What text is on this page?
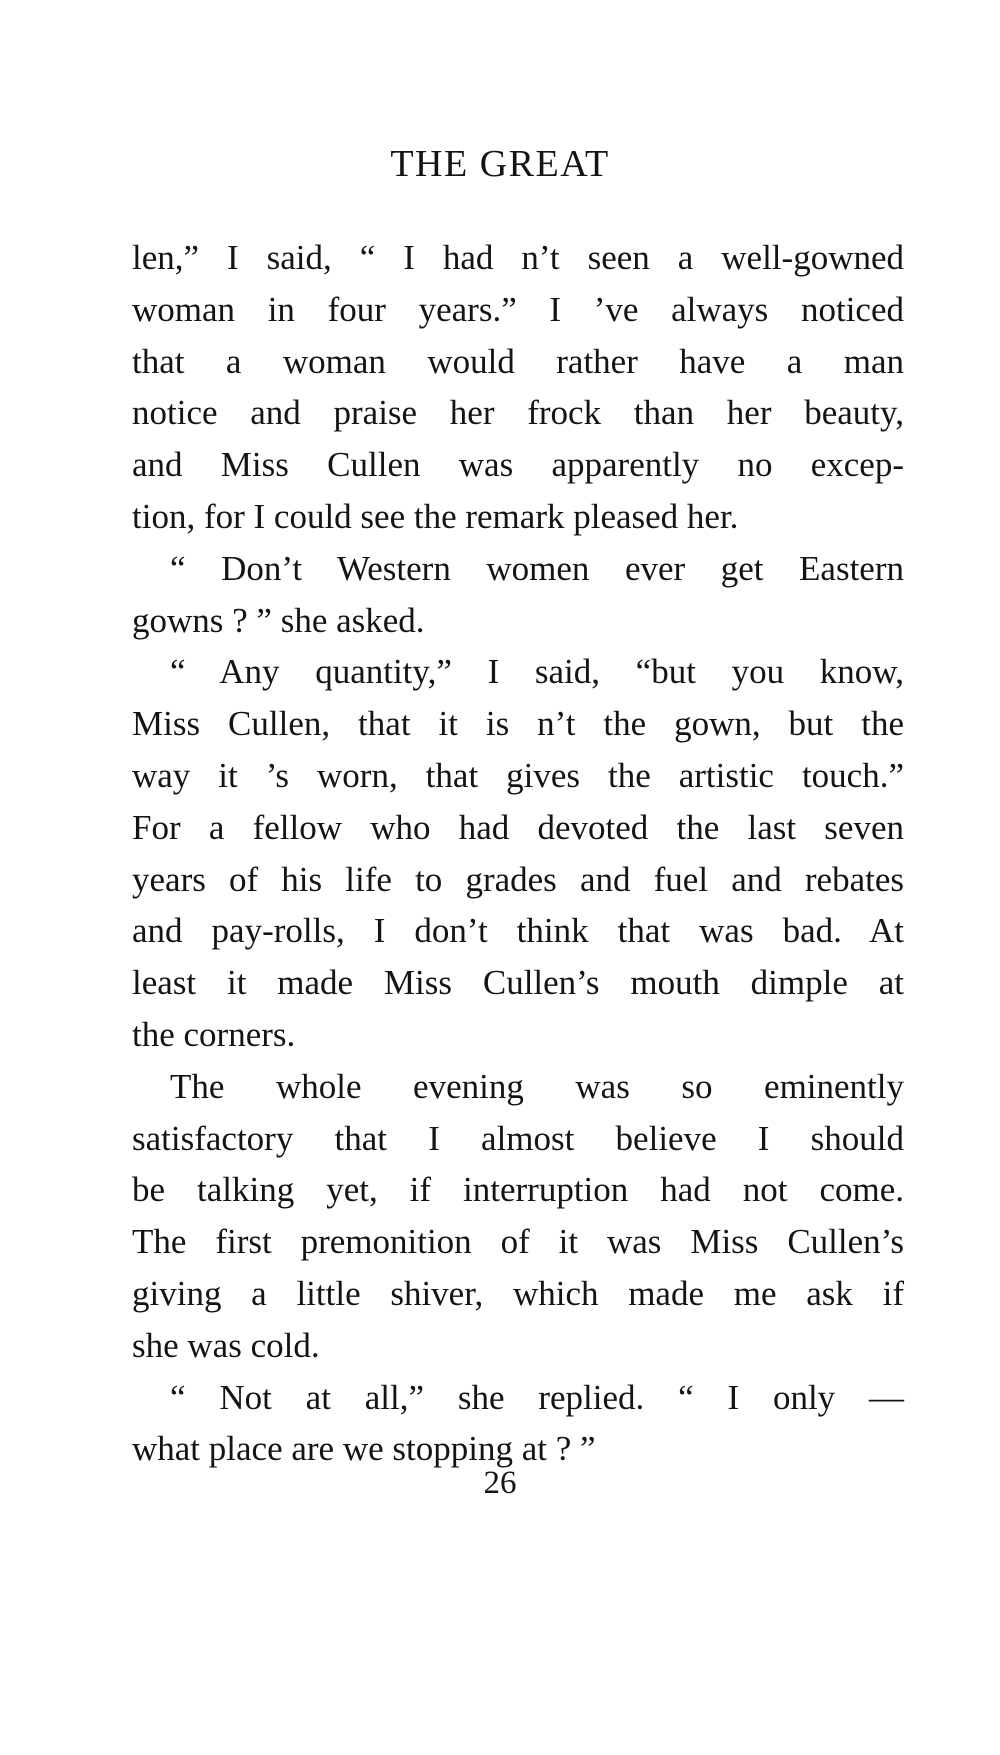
THE GREAT
len,” I said, “ I had n’t seen a well-gowned
woman in four years.” I ’ve always noticed
that a woman would rather have a man
notice and praise her frock than her beauty,
and Miss Cullen was apparently no excep-
tion, for I could see the remark pleased her.
“ Don’t Western women ever get Eastern
gowns ? ” she asked.
“ Any quantity,” I said, “but you know,
Miss Cullen, that it is n’t the gown, but the
way it ’s worn, that gives the artistic touch.”
For a fellow who had devoted the last seven
years of his life to grades and fuel and rebates
and pay-rolls, I don’t think that was bad. At
least it made Miss Cullen’s mouth dimple at
the corners.
The whole evening was so eminently
satisfactory that I almost believe I should
be talking yet, if interruption had not come.
The first premonition of it was Miss Cullen’s
giving a little shiver, which made me ask if
she was cold.
“ Not at all,” she replied. “ I only —
what place are we stopping at ? ”
26
